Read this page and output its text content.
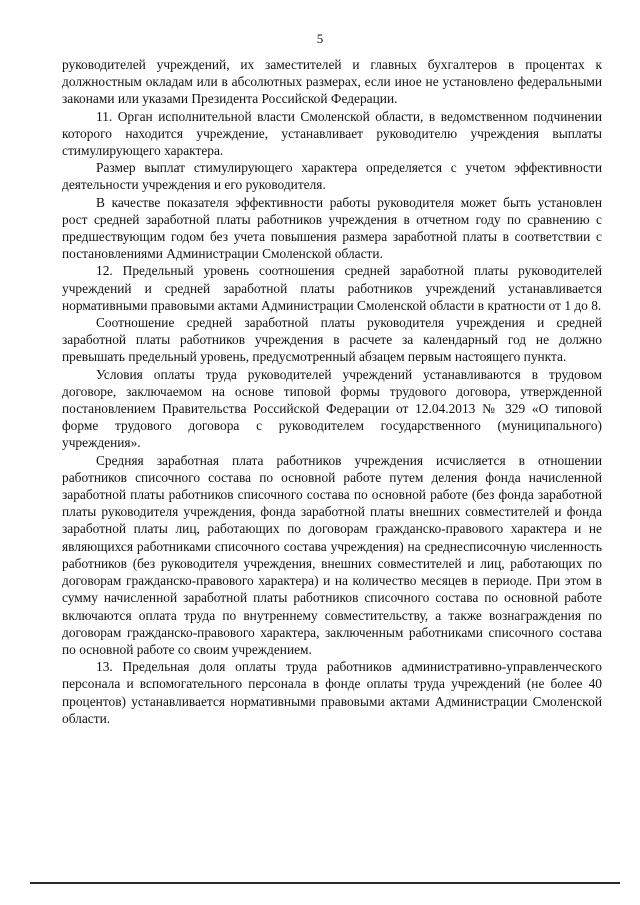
5

руководителей учреждений, их заместителей и главных бухгалтеров в процентах к должностным окладам или в абсолютных размерах, если иное не установлено федеральными законами или указами Президента Российской Федерации.

11. Орган исполнительной власти Смоленской области, в ведомственном подчинении которого находится учреждение, устанавливает руководителю учреждения выплаты стимулирующего характера.

Размер выплат стимулирующего характера определяется с учетом эффективности деятельности учреждения и его руководителя.

В качестве показателя эффективности работы руководителя может быть установлен рост средней заработной платы работников учреждения в отчетном году по сравнению с предшествующим годом без учета повышения размера заработной платы в соответствии с постановлениями Администрации Смоленской области.

12. Предельный уровень соотношения средней заработной платы руководителей учреждений и средней заработной платы работников учреждений устанавливается нормативными правовыми актами Администрации Смоленской области в кратности от 1 до 8.

Соотношение средней заработной платы руководителя учреждения и средней заработной платы работников учреждения в расчете за календарный год не должно превышать предельный уровень, предусмотренный абзацем первым настоящего пункта.

Условия оплаты труда руководителей учреждений устанавливаются в трудовом договоре, заключаемом на основе типовой формы трудового договора, утвержденной постановлением Правительства Российской Федерации от 12.04.2013 № 329 «О типовой форме трудового договора с руководителем государственного (муниципального) учреждения».

Средняя заработная плата работников учреждения исчисляется в отношении работников списочного состава по основной работе путем деления фонда начисленной заработной платы работников списочного состава по основной работе (без фонда заработной платы руководителя учреждения, фонда заработной платы внешних совместителей и фонда заработной платы лиц, работающих по договорам гражданско-правового характера и не являющихся работниками списочного состава учреждения) на среднесписочную численность работников (без руководителя учреждения, внешних совместителей и лиц, работающих по договорам гражданско-правового характера) и на количество месяцев в периоде. При этом в сумму начисленной заработной платы работников списочного состава по основной работе включаются оплата труда по внутреннему совместительству, а также вознаграждения по договорам гражданско-правового характера, заключенным работниками списочного состава по основной работе со своим учреждением.

13. Предельная доля оплаты труда работников административно-управленческого персонала и вспомогательного персонала в фонде оплаты труда учреждений (не более 40 процентов) устанавливается нормативными правовыми актами Администрации Смоленской области.
